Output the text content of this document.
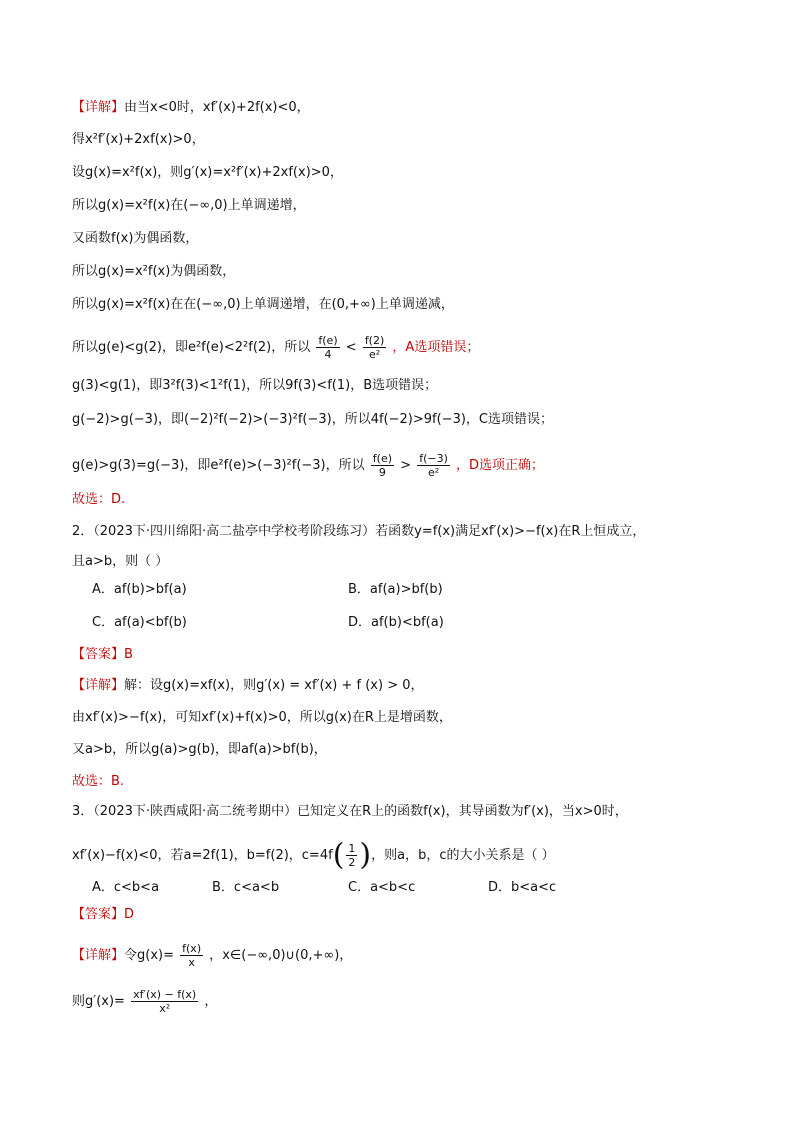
【详解】由当x<0时，xf′(x)+2f(x)<0，
得x²f′(x)+2xf(x)>0，
设g(x)=x²f(x)，则g′(x)=x²f′(x)+2xf(x)>0，
所以g(x)=x²f(x)在(−∞,0)上单调递增，
又函数f(x)为偶函数，
所以g(x)=x²f(x)为偶函数，
所以g(x)=x²f(x)在在(−∞,0)上单调递增，在(0,+∞)上单调递减，
所以g(e)<g(2)，即e²f(e)<2²f(2)，所以 $\frac{f(e)}{4} < \frac{f(2)}{\text{e²}}$ ，A选项错误；
g(3)<g(1)，即3²f(3)<1²f(1)，所以9f(3)<f(1)，B选项错误；
g(−2)>g(−3)，即(−2)²f(−2)>(−3)²f(−3)，所以4f(−2)>9f(−3)，C选项错误；
g(e)>g(3)=g(−3)，即e²f(e)>(−3)²f(−3)，所以 $\frac{f(e)}{9} > \frac{f(-3)}{\text{e²}}$ ，D选项正确；
故选：D.
2．（2023下·四川绵阳·高二盐亭中学校考阶段练习）若函数y=f(x)满足xf′(x)>−f(x)在R上恒成立，
且a>b，则（ ）
A．af(b)>bf(a)	B．af(a)>bf(b)
C．af(a)<bf(b)	D．af(b)<bf(a)
【答案】B
【详解】解：设g(x)=xf(x)，则g′(x) = xf′(x) + f (x) > 0，
由xf′(x)>−f(x)，可知xf′(x)+f(x)>0，所以g(x)在R上是增函数，
又a>b，所以g(a)>g(b)，即af(a)>bf(b)，
故选：B.
3．（2023下·陕西咸阳·高二统考期中）已知定义在R上的函数f(x)，其导函数为f′(x)，当x>0时，
xf′(x)−f(x)<0，若a=2f(1)，b=f(2)，$c=4f( \frac{1}{2}$ )，则a，b，c的大小关系是（ ）
A．c<b<a	B．c<a<b	C．a<b<c	D．b<a<c
【答案】D
【详解】令$g(x)= \frac{f(x)}{x}$ ，x∈(−∞,0)∪(0,+∞)，
则$g'(x)= \frac{xf'(x) - f(x)}{\text{x²}}$ ，
